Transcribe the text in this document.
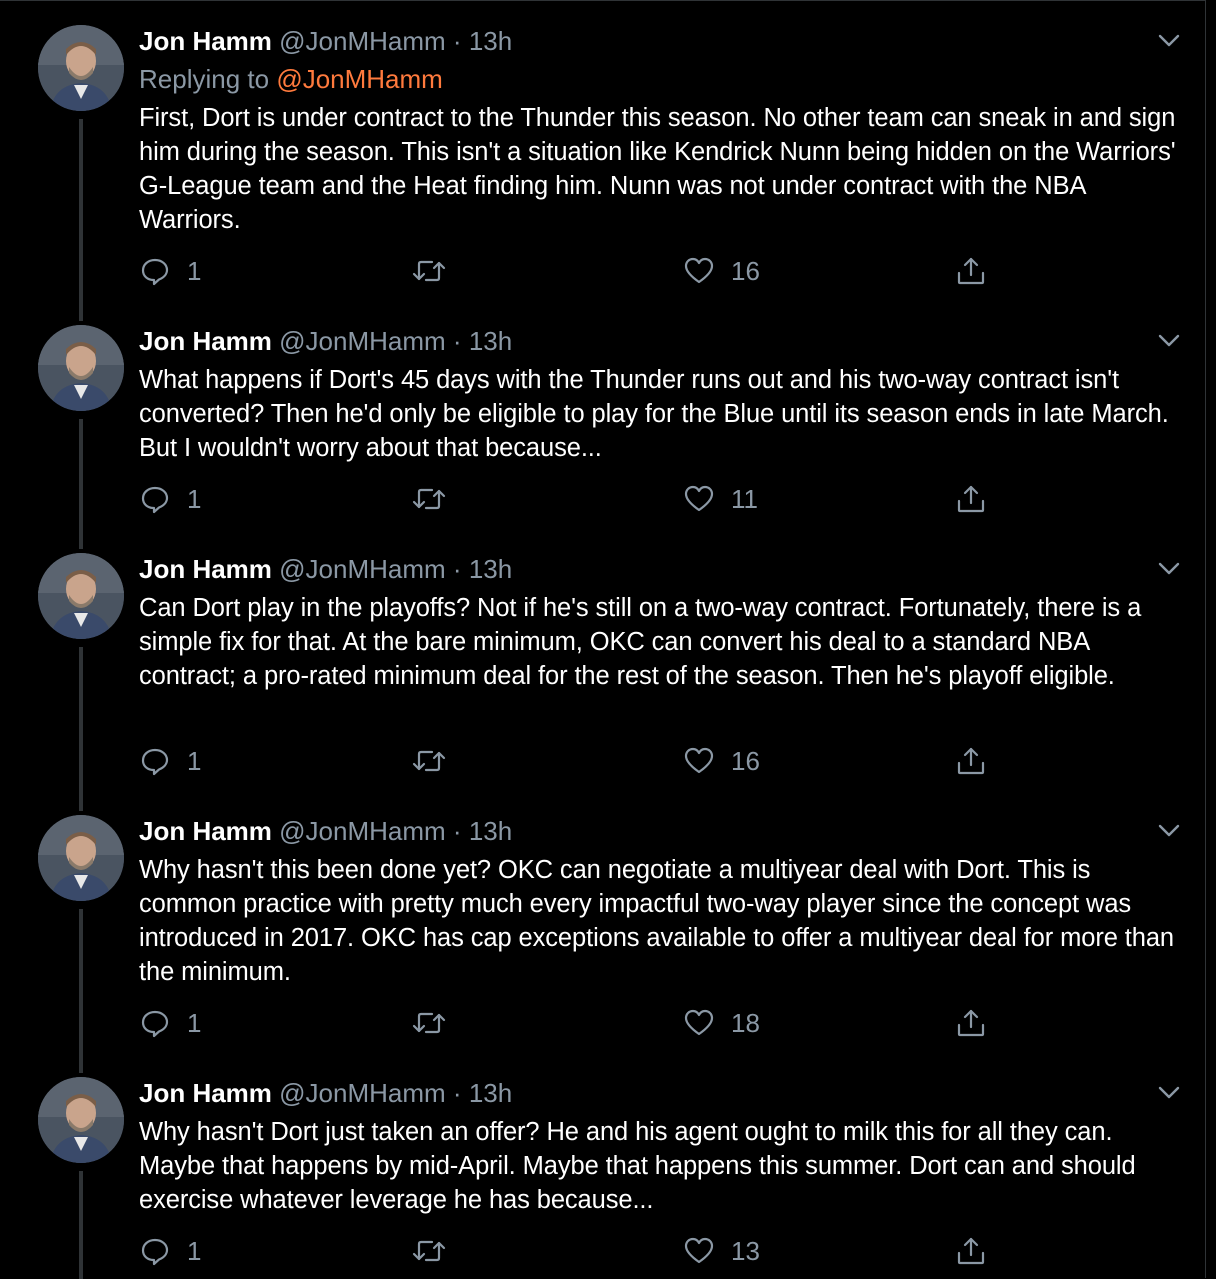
Jon Hamm @JonMHamm · 13h
Replying to @JonMHamm
First, Dort is under contract to the Thunder this season. No other team can sneak in and sign him during the season. This isn't a situation like Kendrick Nunn being hidden on the Warriors' G-League team and the Heat finding him. Nunn was not under contract with the NBA Warriors.
1	16
Jon Hamm @JonMHamm · 13h
What happens if Dort's 45 days with the Thunder runs out and his two-way contract isn't converted? Then he'd only be eligible to play for the Blue until its season ends in late March. But I wouldn't worry about that because...
1	11
Jon Hamm @JonMHamm · 13h
Can Dort play in the playoffs? Not if he's still on a two-way contract. Fortunately, there is a simple fix for that. At the bare minimum, OKC can convert his deal to a standard NBA contract; a pro-rated minimum deal for the rest of the season. Then he's playoff eligible.
1	16
Jon Hamm @JonMHamm · 13h
Why hasn't this been done yet? OKC can negotiate a multiyear deal with Dort. This is common practice with pretty much every impactful two-way player since the concept was introduced in 2017. OKC has cap exceptions available to offer a multiyear deal for more than the minimum.
1	18
Jon Hamm @JonMHamm · 13h
Why hasn't Dort just taken an offer? He and his agent ought to milk this for all they can. Maybe that happens by mid-April. Maybe that happens this summer. Dort can and should exercise whatever leverage he has because...
1	13
